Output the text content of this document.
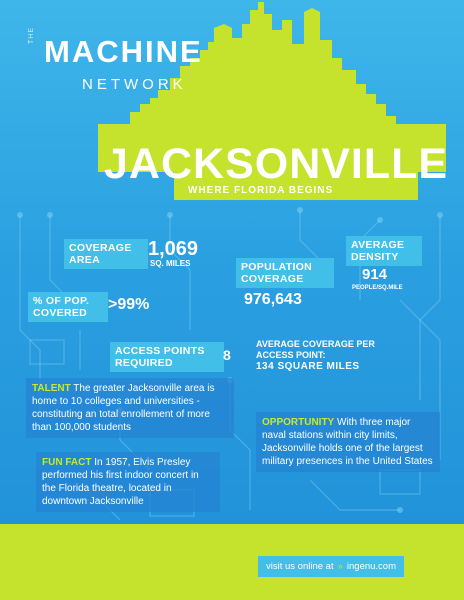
THE MACHINE
NETWORK
JACKSONVILLE
WHERE FLORIDA BEGINS
COVERAGE AREA	1,069
SQ. MILES
AVERAGE DENSITY
914
PEOPLE/SQ.MILE
POPULATION COVERAGE
976,643
% OF POP. COVERED	>99%
ACCESS POINTS REQUIRED	8
AVERAGE COVERAGE PER ACCESS POINT:
134 SQUARE MILES
TALENT The greater Jacksonville area is home to 10 colleges and universities - constituting an total enrollement of more than 100,000 students	OPPORTUNITY With three major naval stations within city limits, Jacksonville holds one of the largest military presences in the United States
FUN FACT In 1957, Elvis Presley performed his first indoor concert in the Florida theatre, located in downtown Jacksonville
visit us online at » ingenu.com
